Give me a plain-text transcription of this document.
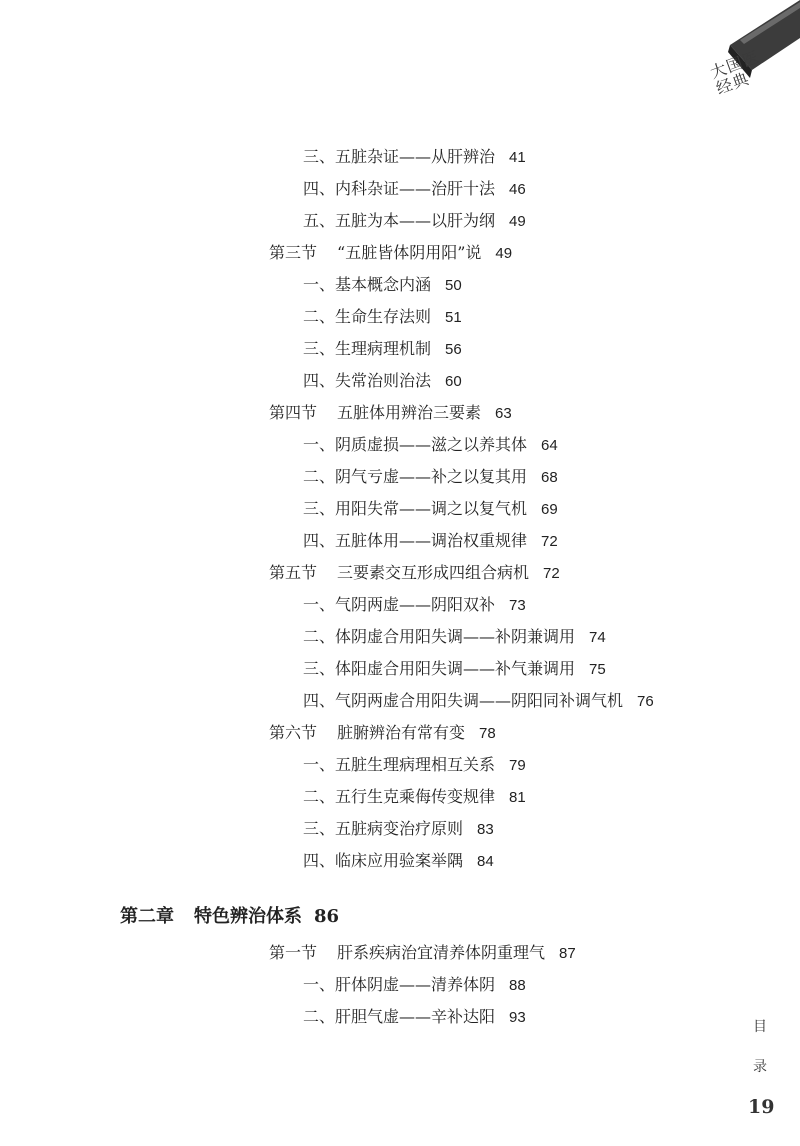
大国医经典
三、五脏杂证——从肝辨治 41
四、内科杂证——治肝十法 46
五、五脏为本——以肝为纲 49
第三节 “五脏皆体阴用阳”说 49
一、基本概念内涵 50
二、生命生存法则 51
三、生理病理机制 56
四、失常治则治法 60
第四节 五脏体用辨治三要素 63
一、阴质虚损——滋之以养其体 64
二、阴气亏虚——补之以复其用 68
三、用阳失常——调之以复气机 69
四、五脏体用——调治权重规律 72
第五节 三要素交互形成四组合病机 72
一、气阴两虚——阴阳双补 73
二、体阴虚合用阳失调——补阴兼调用 74
三、体阳虚合用阳失调——补气兼调用 75
四、气阴两虚合用阳失调——阴阳同补调气机 76
第六节 脏腑辨治有常有变 78
一、五脏生理病理相互关系 79
二、五行生克乘侮传变规律 81
三、五脏病变治疗原则 83
四、临床应用验案举隅 84
第二章 特色辨治体系 86
第一节 肝系疾病治宜清养体阴重理气 87
一、肝体阴虚——清养体阴 88
二、肝胆气虚——辛补达阳 93
目
录
19
